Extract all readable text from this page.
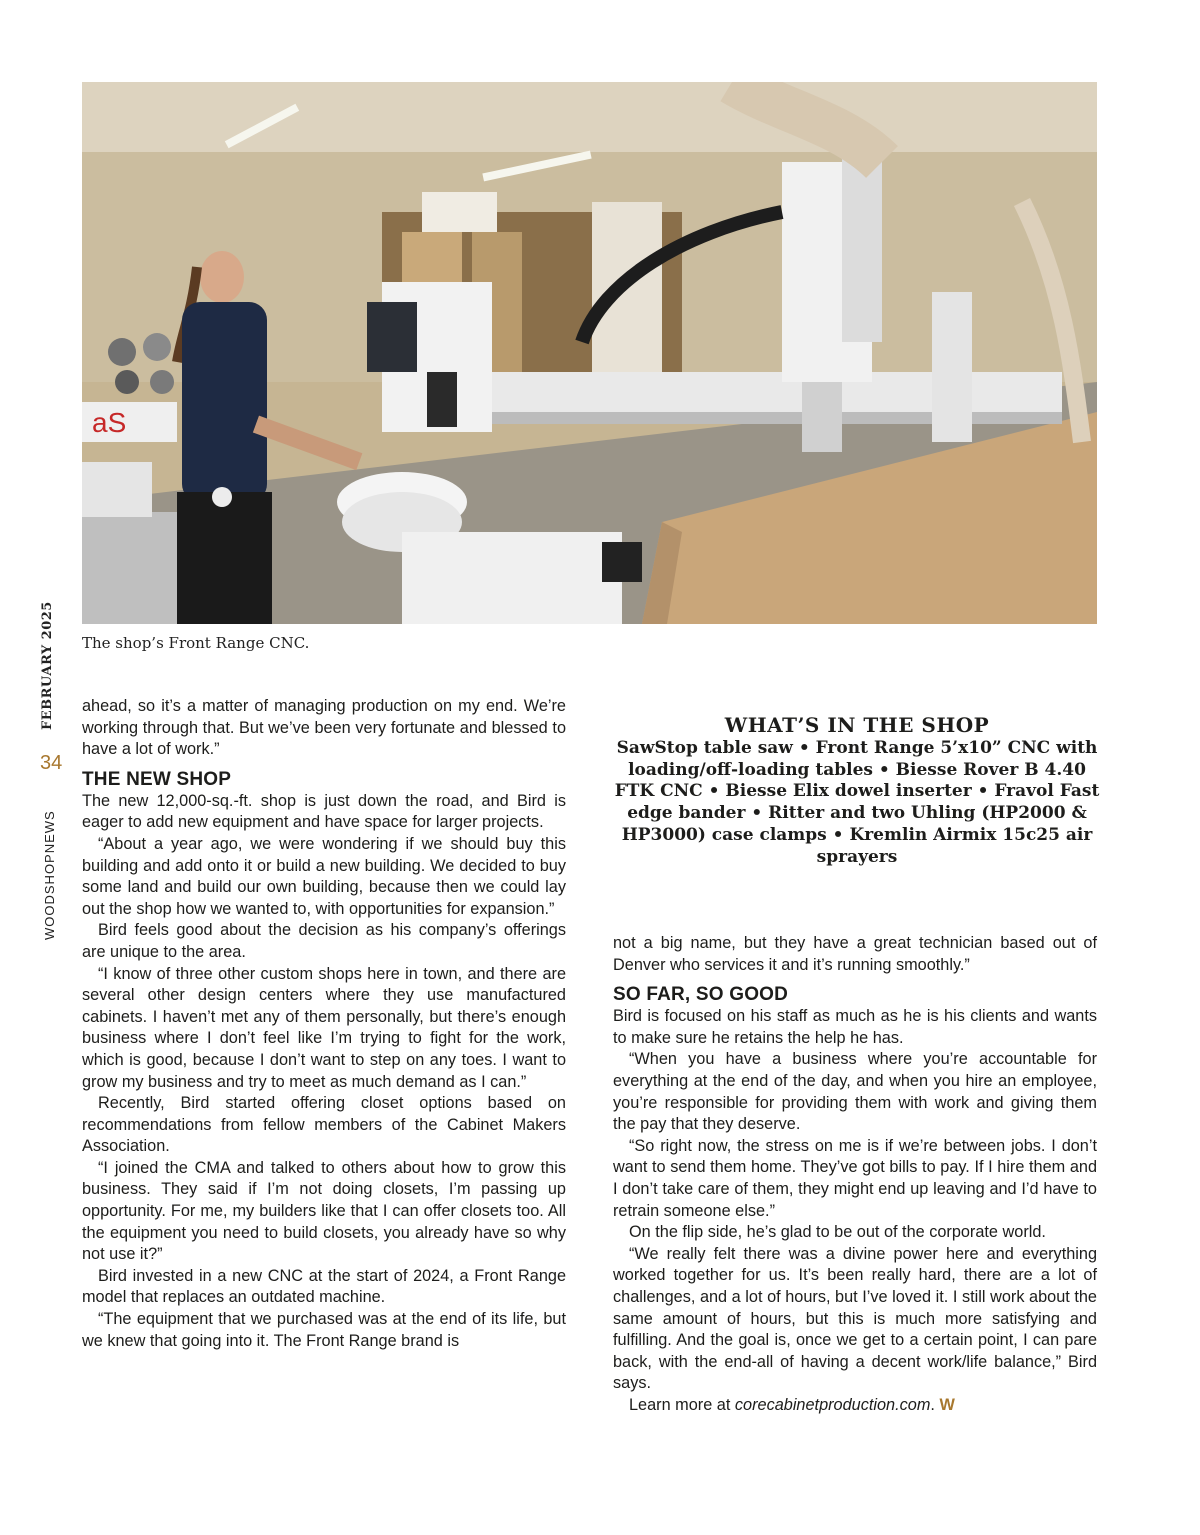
aS
The shop’s Front Range CNC.
FEBRUARY 2025
34
WOODSHOPNEWS

ahead, so it’s a matter of managing production on my end. We’re working through that. But we’ve been very fortunate and blessed to have a lot of work.”

THE NEW SHOP

The new 12,000-sq.-ft. shop is just down the road, and Bird is eager to add new equipment and have space for larger projects.

“About a year ago, we were wondering if we should buy this building and add onto it or build a new building. We decided to buy some land and build our own building, because then we could lay out the shop how we wanted to, with opportunities for expansion.”

Bird feels good about the decision as his company’s offerings are unique to the area.

“I know of three other custom shops here in town, and there are several other design centers where they use manufactured cabinets. I haven’t met any of them personally, but there’s enough business where I don’t feel like I’m trying to fight for the work, which is good, because I don’t want to step on any toes. I want to grow my business and try to meet as much demand as I can.”

Recently, Bird started offering closet options based on recommendations from fellow members of the Cabinet Makers Association.

“I joined the CMA and talked to others about how to grow this business. They said if I’m not doing closets, I’m passing up opportunity. For me, my builders like that I can offer closets too. All the equipment you need to build closets, you already have so why not use it?”

Bird invested in a new CNC at the start of 2024, a Front Range model that replaces an outdated machine.

“The equipment that we purchased was at the end of its life, but we knew that going into it. The Front Range brand is

WHAT’S IN THE SHOP

SawStop table saw • Front Range 5’x10” CNC with loading/off-loading tables • Biesse Rover B 4.40 FTK CNC • Biesse Elix dowel inserter • Fravol Fast edge bander • Ritter and two Uhling (HP2000 & HP3000) case clamps • Kremlin Airmix 15c25 air sprayers

not a big name, but they have a great technician based out of Denver who services it and it’s running smoothly.”

SO FAR, SO GOOD

Bird is focused on his staff as much as he is his clients and wants to make sure he retains the help he has.

“When you have a business where you’re accountable for everything at the end of the day, and when you hire an employee, you’re responsible for providing them with work and giving them the pay that they deserve.

“So right now, the stress on me is if we’re between jobs. I don’t want to send them home. They’ve got bills to pay. If I hire them and I don’t take care of them, they might end up leaving and I’d have to retrain someone else.”

On the flip side, he’s glad to be out of the corporate world.

“We really felt there was a divine power here and everything worked together for us. It’s been really hard, there are a lot of challenges, and a lot of hours, but I’ve loved it. I still work about the same amount of hours, but this is much more satisfying and fulfilling. And the goal is, once we get to a certain point, I can pare back, with the end-all of having a decent work/life balance,” Bird says.

Learn more at corecabinetproduction.com. W
